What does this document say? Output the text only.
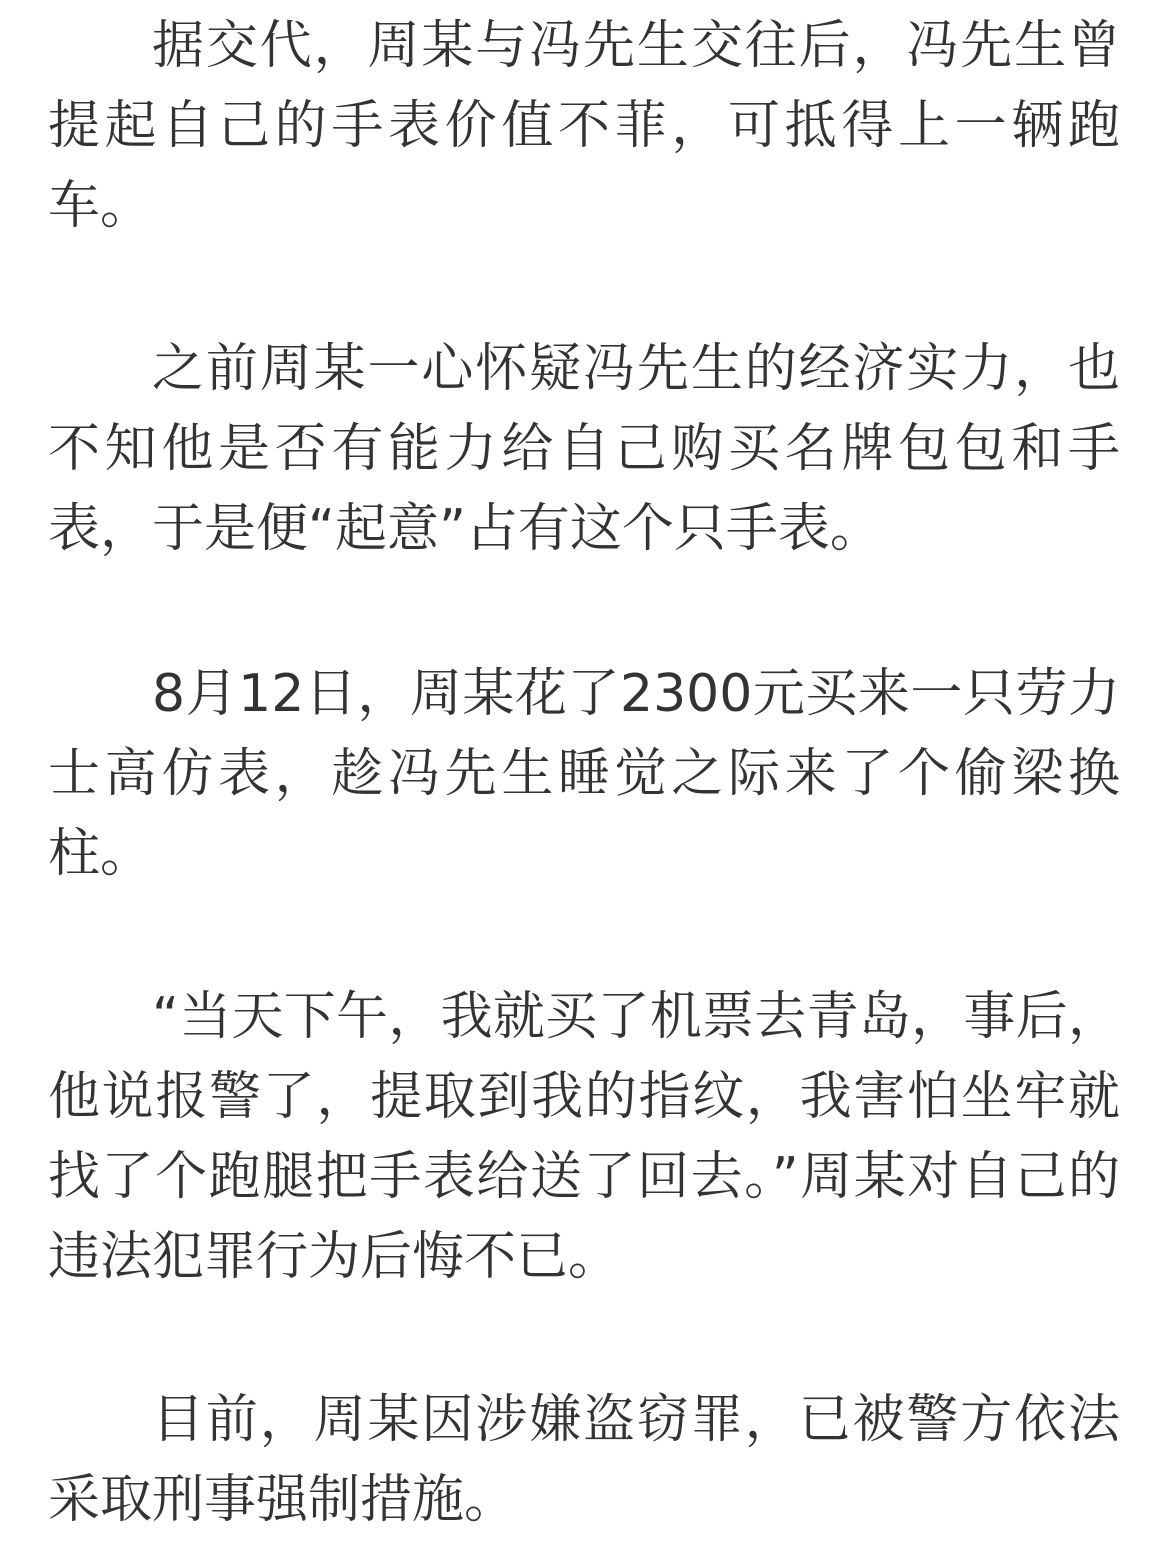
据交代，周某与冯先生交往后，冯先生曾提起自己的手表价值不菲，可抵得上一辆跑车。

之前周某一心怀疑冯先生的经济实力，也不知他是否有能力给自己购买名牌包包和手表，于是便“起意”占有这个只手表。

8月12日，周某花了2300元买来一只劳力士高仿表，趁冯先生睡觉之际来了个偷梁换柱。

“当天下午，我就买了机票去青岛，事后，他说报警了，提取到我的指纹，我害怕坐牢就找了个跑腿把手表给送了回去。”周某对自己的违法犯罪行为后悔不已。

目前，周某因涉嫌盗窃罪，已被警方依法采取刑事强制措施。
